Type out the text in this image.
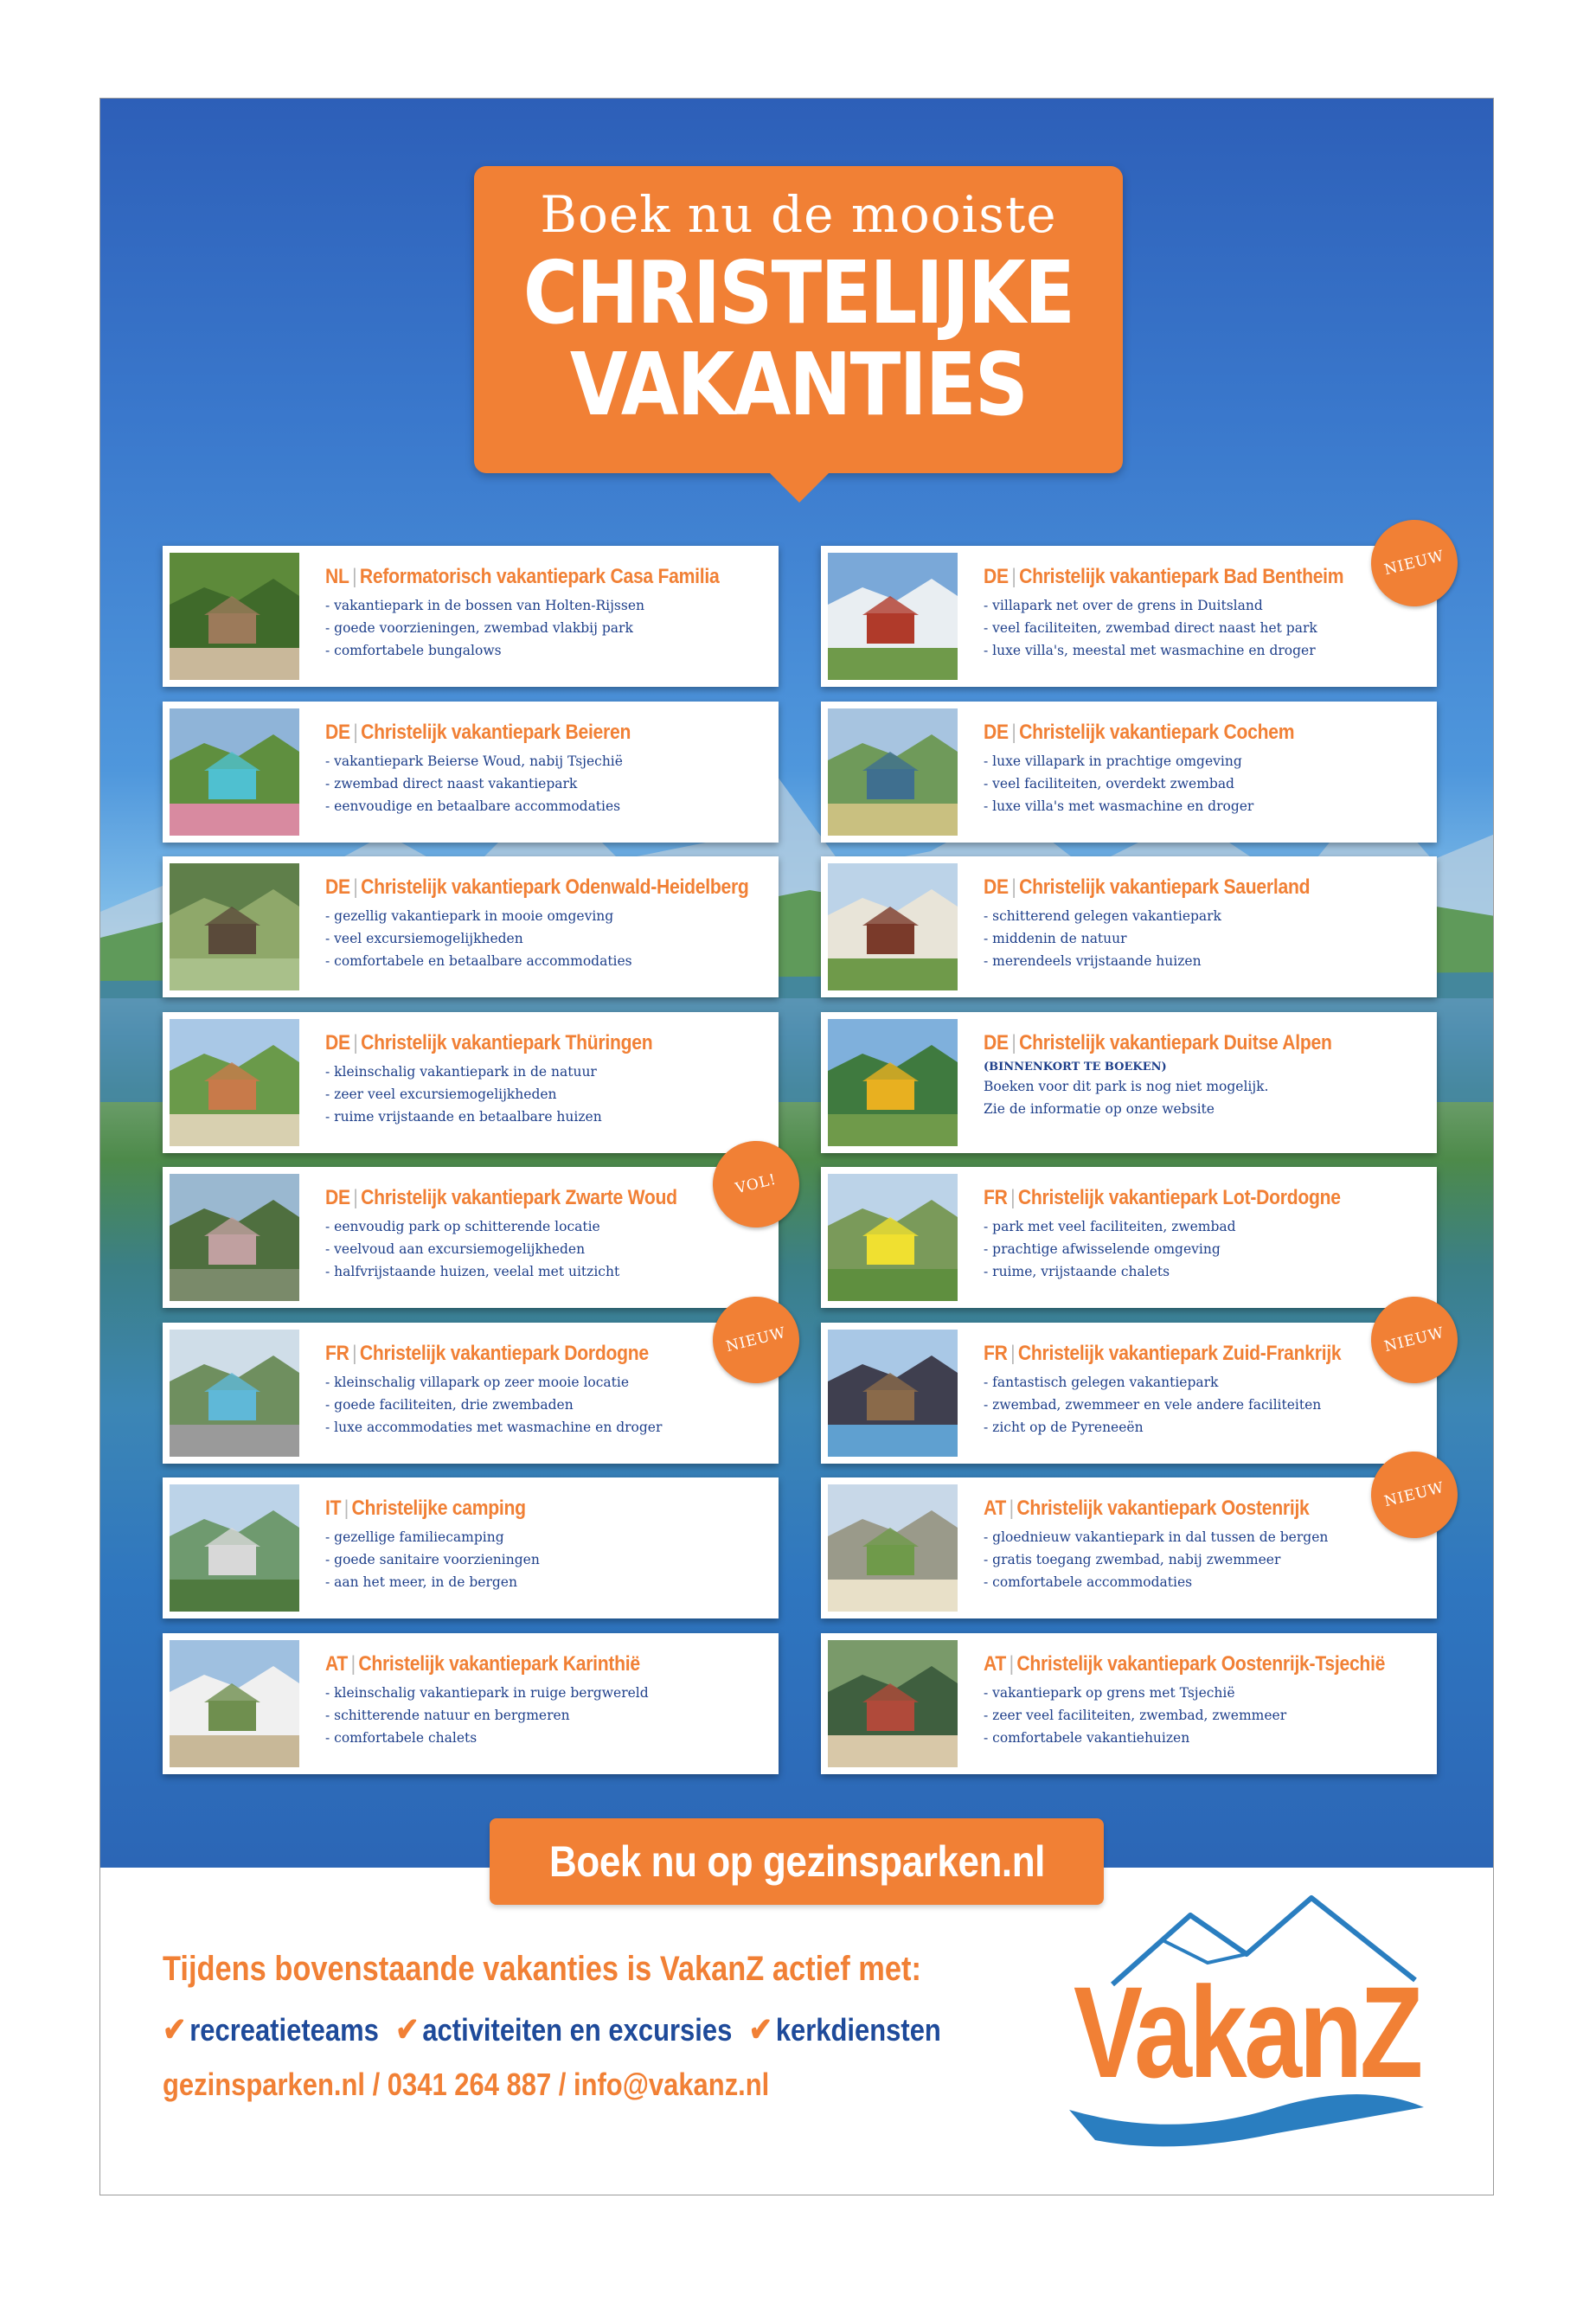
Boek nu de mooiste
CHRISTELIJKE
VAKANTIES
NL | Reformatorisch vakantiepark Casa Familia
- vakantiepark in de bossen van Holten-Rijssen
- goede voorzieningen, zwembad vlakbij park
- comfortabele bungalows
DE | Christelijk vakantiepark Bad Bentheim
- villapark net over de grens in Duitsland
- veel faciliteiten, zwembad direct naast het park
- luxe villa's, meestal met wasmachine en droger
NIEUW
DE | Christelijk vakantiepark Beieren
- vakantiepark Beierse Woud, nabij Tsjechië
- zwembad direct naast vakantiepark
- eenvoudige en betaalbare accommodaties
DE | Christelijk vakantiepark Cochem
- luxe villapark in prachtige omgeving
- veel faciliteiten, overdekt zwembad
- luxe villa's met wasmachine en droger
DE | Christelijk vakantiepark Odenwald-Heidelberg
- gezellig vakantiepark in mooie omgeving
- veel excursiemogelijkheden
- comfortabele en betaalbare accommodaties
DE | Christelijk vakantiepark Sauerland
- schitterend gelegen vakantiepark
- middenin de natuur
- merendeels vrijstaande huizen
DE | Christelijk vakantiepark Thüringen
- kleinschalig vakantiepark in de natuur
- zeer veel excursiemogelijkheden
- ruime vrijstaande en betaalbare huizen
DE | Christelijk vakantiepark Duitse Alpen
(BINNENKORT TE BOEKEN)
Boeken voor dit park is nog niet mogelijk.
Zie de informatie op onze website
DE | Christelijk vakantiepark Zwarte Woud
- eenvoudig park op schitterende locatie
- veelvoud aan excursiemogelijkheden
- halfvrijstaande huizen, veelal met uitzicht
VOL!	FR | Christelijk vakantiepark Lot-Dordogne
- park met veel faciliteiten, zwembad
- prachtige afwisselende omgeving
- ruime, vrijstaande chalets
FR | Christelijk vakantiepark Dordogne
- kleinschalig villapark op zeer mooie locatie
- goede faciliteiten, drie zwembaden
- luxe accommodaties met wasmachine en droger
NIEUW	FR | Christelijk vakantiepark Zuid-Frankrijk
- fantastisch gelegen vakantiepark
- zwembad, zwemmeer en vele andere faciliteiten
- zicht op de Pyreneeën
NIEUW
IT | Christelijke camping
- gezellige familiecamping
- goede sanitaire voorzieningen
- aan het meer, in de bergen
AT | Christelijk vakantiepark Oostenrijk
- gloednieuw vakantiepark in dal tussen de bergen
- gratis toegang zwembad, nabij zwemmeer
- comfortabele accommodaties
NIEUW
AT | Christelijk vakantiepark Karinthië
- kleinschalig vakantiepark in ruige bergwereld
- schitterende natuur en bergmeren
- comfortabele chalets
AT | Christelijk vakantiepark Oostenrijk-Tsjechië
- vakantiepark op grens met Tsjechië
- zeer veel faciliteiten, zwembad, zwemmeer
- comfortabele vakantiehuizen
Boek nu op gezinsparken.nl
Tijdens bovenstaande vakanties is VakanZ actief met:
✔ recreatieteams ✔ activiteiten en excursies ✔ kerkdiensten
gezinsparken.nl / 0341 264 887 / info@vakanz.nl VakanZ
